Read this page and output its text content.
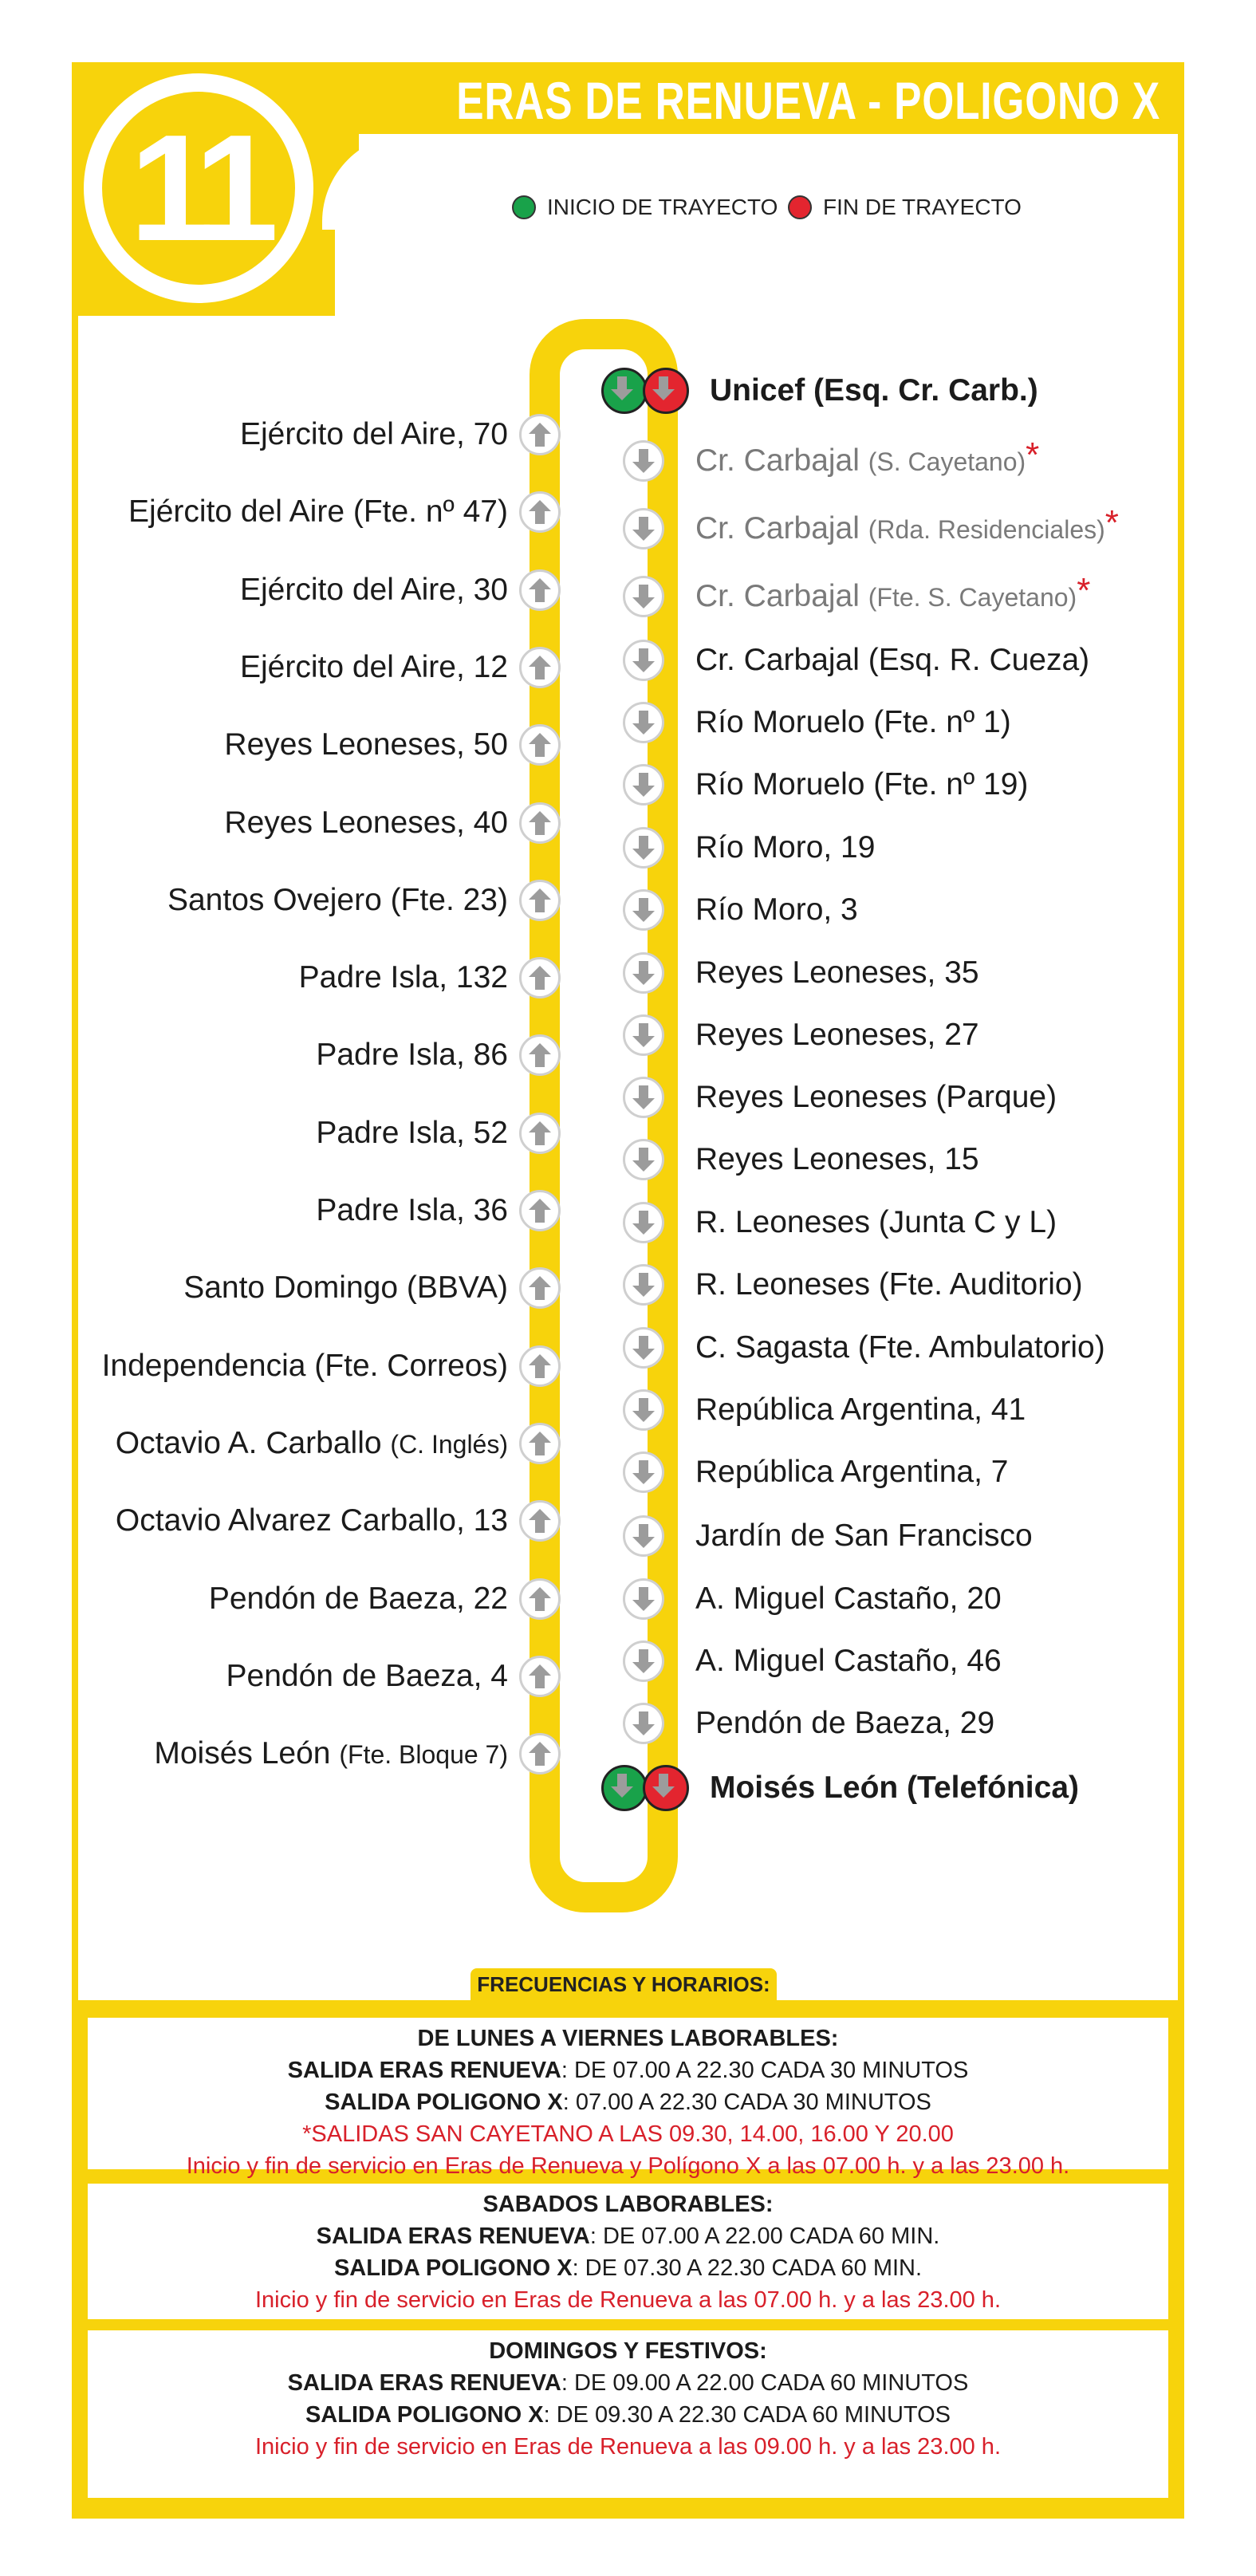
11
ERAS DE RENUEVA - POLIGONO X
INICIO DE TRAYECTO FIN DE TRAYECTO
Ejército del Aire, 70
Ejército del Aire (Fte. nº 47)
Ejército del Aire, 30
Ejército del Aire, 12
Reyes Leoneses, 50
Reyes Leoneses, 40
Santos Ovejero (Fte. 23)
Padre Isla, 132
Padre Isla, 86
Padre Isla, 52
Padre Isla, 36
Santo Domingo (BBVA)
Independencia (Fte. Correos)
Octavio A. Carballo (C. Inglés)
Octavio Alvarez Carballo, 13
Pendón de Baeza, 22
Pendón de Baeza, 4
Moisés León (Fte. Bloque 7)
Unicef (Esq. Cr. Carb.)
Cr. Carbajal (S. Cayetano)*
Cr. Carbajal (Rda. Residenciales)*
Cr. Carbajal (Fte. S. Cayetano)*
Cr. Carbajal (Esq. R. Cueza)
Río Moruelo (Fte. nº 1)
Río Moruelo (Fte. nº 19)
Río Moro, 19
Río Moro, 3
Reyes Leoneses, 35
Reyes Leoneses, 27
Reyes Leoneses (Parque)
Reyes Leoneses, 15
R. Leoneses (Junta C y L)
R. Leoneses (Fte. Auditorio)
C. Sagasta (Fte. Ambulatorio)
República Argentina, 41
República Argentina, 7
Jardín de San Francisco
A. Miguel Castaño, 20
A. Miguel Castaño, 46
Pendón de Baeza, 29
Moisés León (Telefónica)
FRECUENCIAS Y HORARIOS:
DE LUNES A VIERNES LABORABLES:
SALIDA ERAS RENUEVA: DE 07.00 A 22.30 CADA 30 MINUTOS
SALIDA POLIGONO X: 07.00 A 22.30 CADA 30 MINUTOS
*SALIDAS SAN CAYETANO A LAS 09.30, 14.00, 16.00 Y 20.00
Inicio y fin de servicio en Eras de Renueva y Polígono X a las 07.00 h. y a las 23.00 h.
SABADOS LABORABLES:
SALIDA ERAS RENUEVA: DE 07.00 A 22.00 CADA 60 MIN.
SALIDA POLIGONO X: DE 07.30 A 22.30 CADA 60 MIN.
Inicio y fin de servicio en Eras de Renueva a las 07.00 h. y a las 23.00 h.
DOMINGOS Y FESTIVOS:
SALIDA ERAS RENUEVA: DE 09.00 A 22.00 CADA 60 MINUTOS
SALIDA POLIGONO X: DE 09.30 A 22.30 CADA 60 MINUTOS
Inicio y fin de servicio en Eras de Renueva a las 09.00 h. y a las 23.00 h.
